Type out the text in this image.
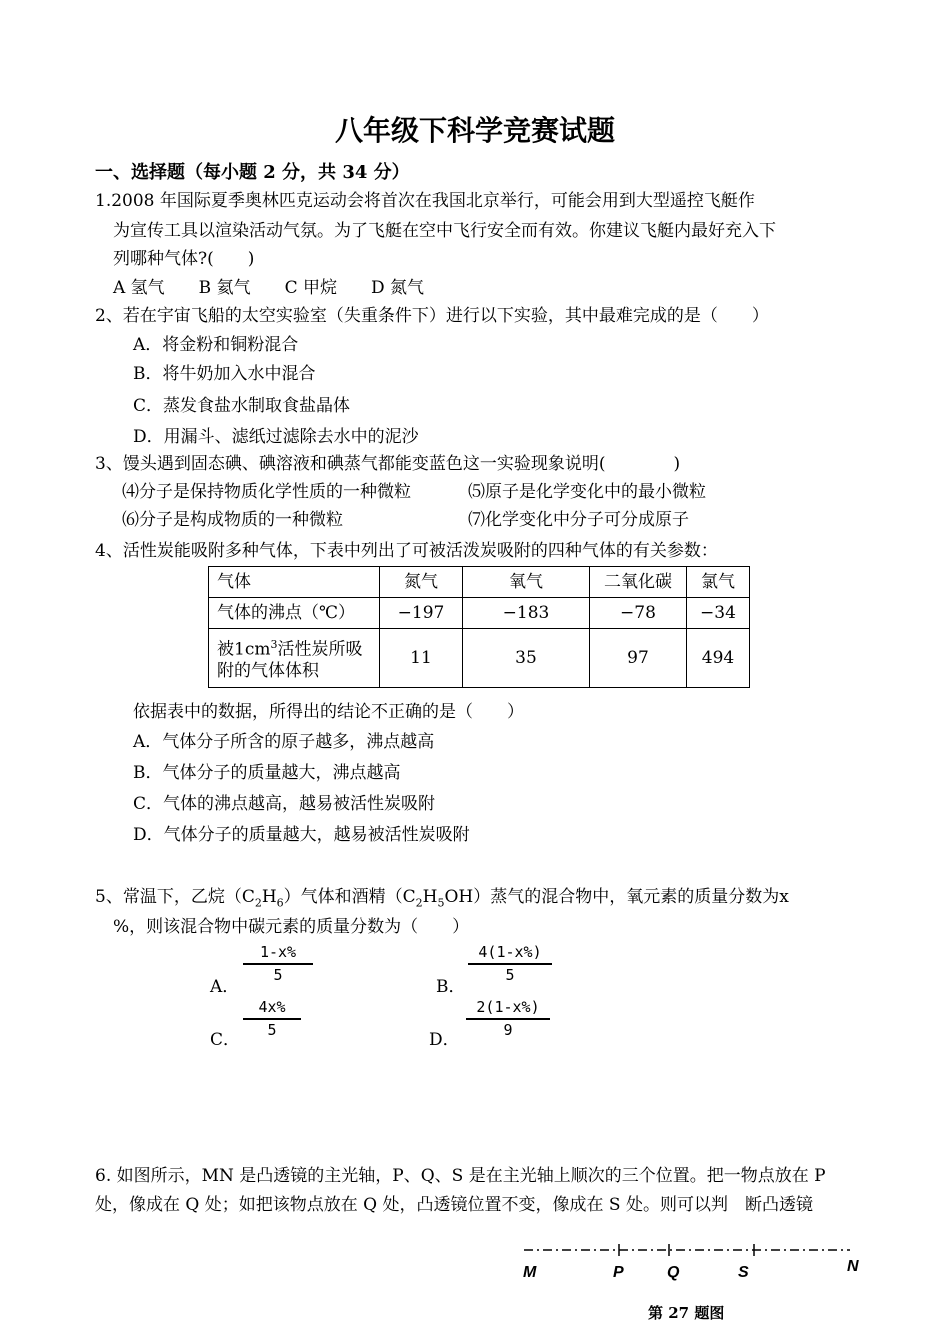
八年级下科学竞赛试题
一、选择题（每小题 2 分，共 34 分）
1.2008 年国际夏季奥林匹克运动会将首次在我国北京举行，可能会用到大型遥控飞艇作
为宣传工具以渲染活动气氛。为了飞艇在空中飞行安全而有效。你建议飞艇内最好充入下
列哪种气体?(　　)
A 氢气　　B 氦气　　C 甲烷　　D 氮气
2、若在宇宙飞船的太空实验室（失重条件下）进行以下实验，其中最难完成的是（　　）
A．将金粉和铜粉混合
B．将牛奶加入水中混合
C．蒸发食盐水制取食盐晶体
D．用漏斗、滤纸过滤除去水中的泥沙
3、馒头遇到固态碘、碘溶液和碘蒸气都能变蓝色这一实验现象说明(　　　　)
⑷分子是保持物质化学性质的一种微粒	⑸原子是化学变化中的最小微粒
⑹分子是构成物质的一种微粒	⑺化学变化中分子可分成原子
4、活性炭能吸附多种气体，下表中列出了可被活泼炭吸附的四种气体的有关参数：
气体	氮气	氧气	二氧化碳	氯气
气体的沸点（℃）	−197	−183	−78	−34
被$1cm^3$活性炭所吸
附的气体体积	11	35	97	494
依据表中的数据，所得出的结论不正确的是（　　）
A．气体分子所含的原子越多，沸点越高
B．气体分子的质量越大，沸点越高
C．气体的沸点越高，越易被活性炭吸附
D．气体分子的质量越大，越易被活性炭吸附
5、常温下，乙烷$(C_2H_6)$气体和酒精$(C_2H_5OH)$蒸气的混合物中，氧元素的质量分数为x
%，则该混合物中碳元素的质量分数为（　　）
A．
$\frac{1-x\%}{5}$
B．
$\frac{4(1-x\%)}{5}$
C． $\frac{4x\%}{5}$	D． $\frac{2(1-x\%)}{9}$
6. 如图所示，MN 是凸透镜的主光轴，P、Q、S 是在主光轴上顺次的三个位置。把一物点放在 P
处，像成在 Q 处；如把该物点放在 Q 处，凸透镜位置不变，像成在 S 处。则可以判　断凸透镜
M	P	Q	S	N
第 27 题图
